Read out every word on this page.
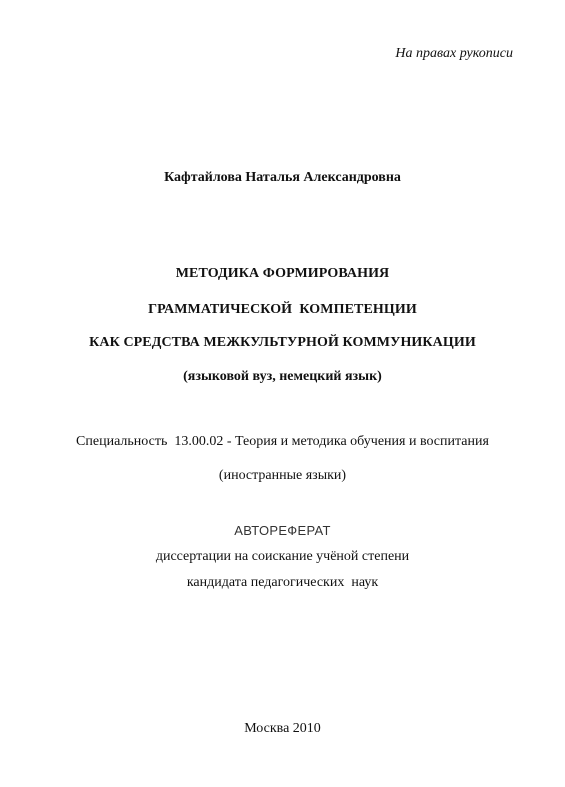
На правах рукописи
Кафтайлова Наталья Александровна
МЕТОДИКА ФОРМИРОВАНИЯ
ГРАММАТИЧЕСКОЙ  КОМПЕТЕНЦИИ
КАК СРЕДСТВА МЕЖКУЛЬТУРНОЙ КОММУНИКАЦИИ
(языковой вуз, немецкий язык)
Специальность  13.00.02 - Теория и методика обучения и воспитания
(иностранные языки)
АВТОРЕФЕРАТ
диссертации на соискание учёной степени
кандидата педагогических  наук
Москва 2010
